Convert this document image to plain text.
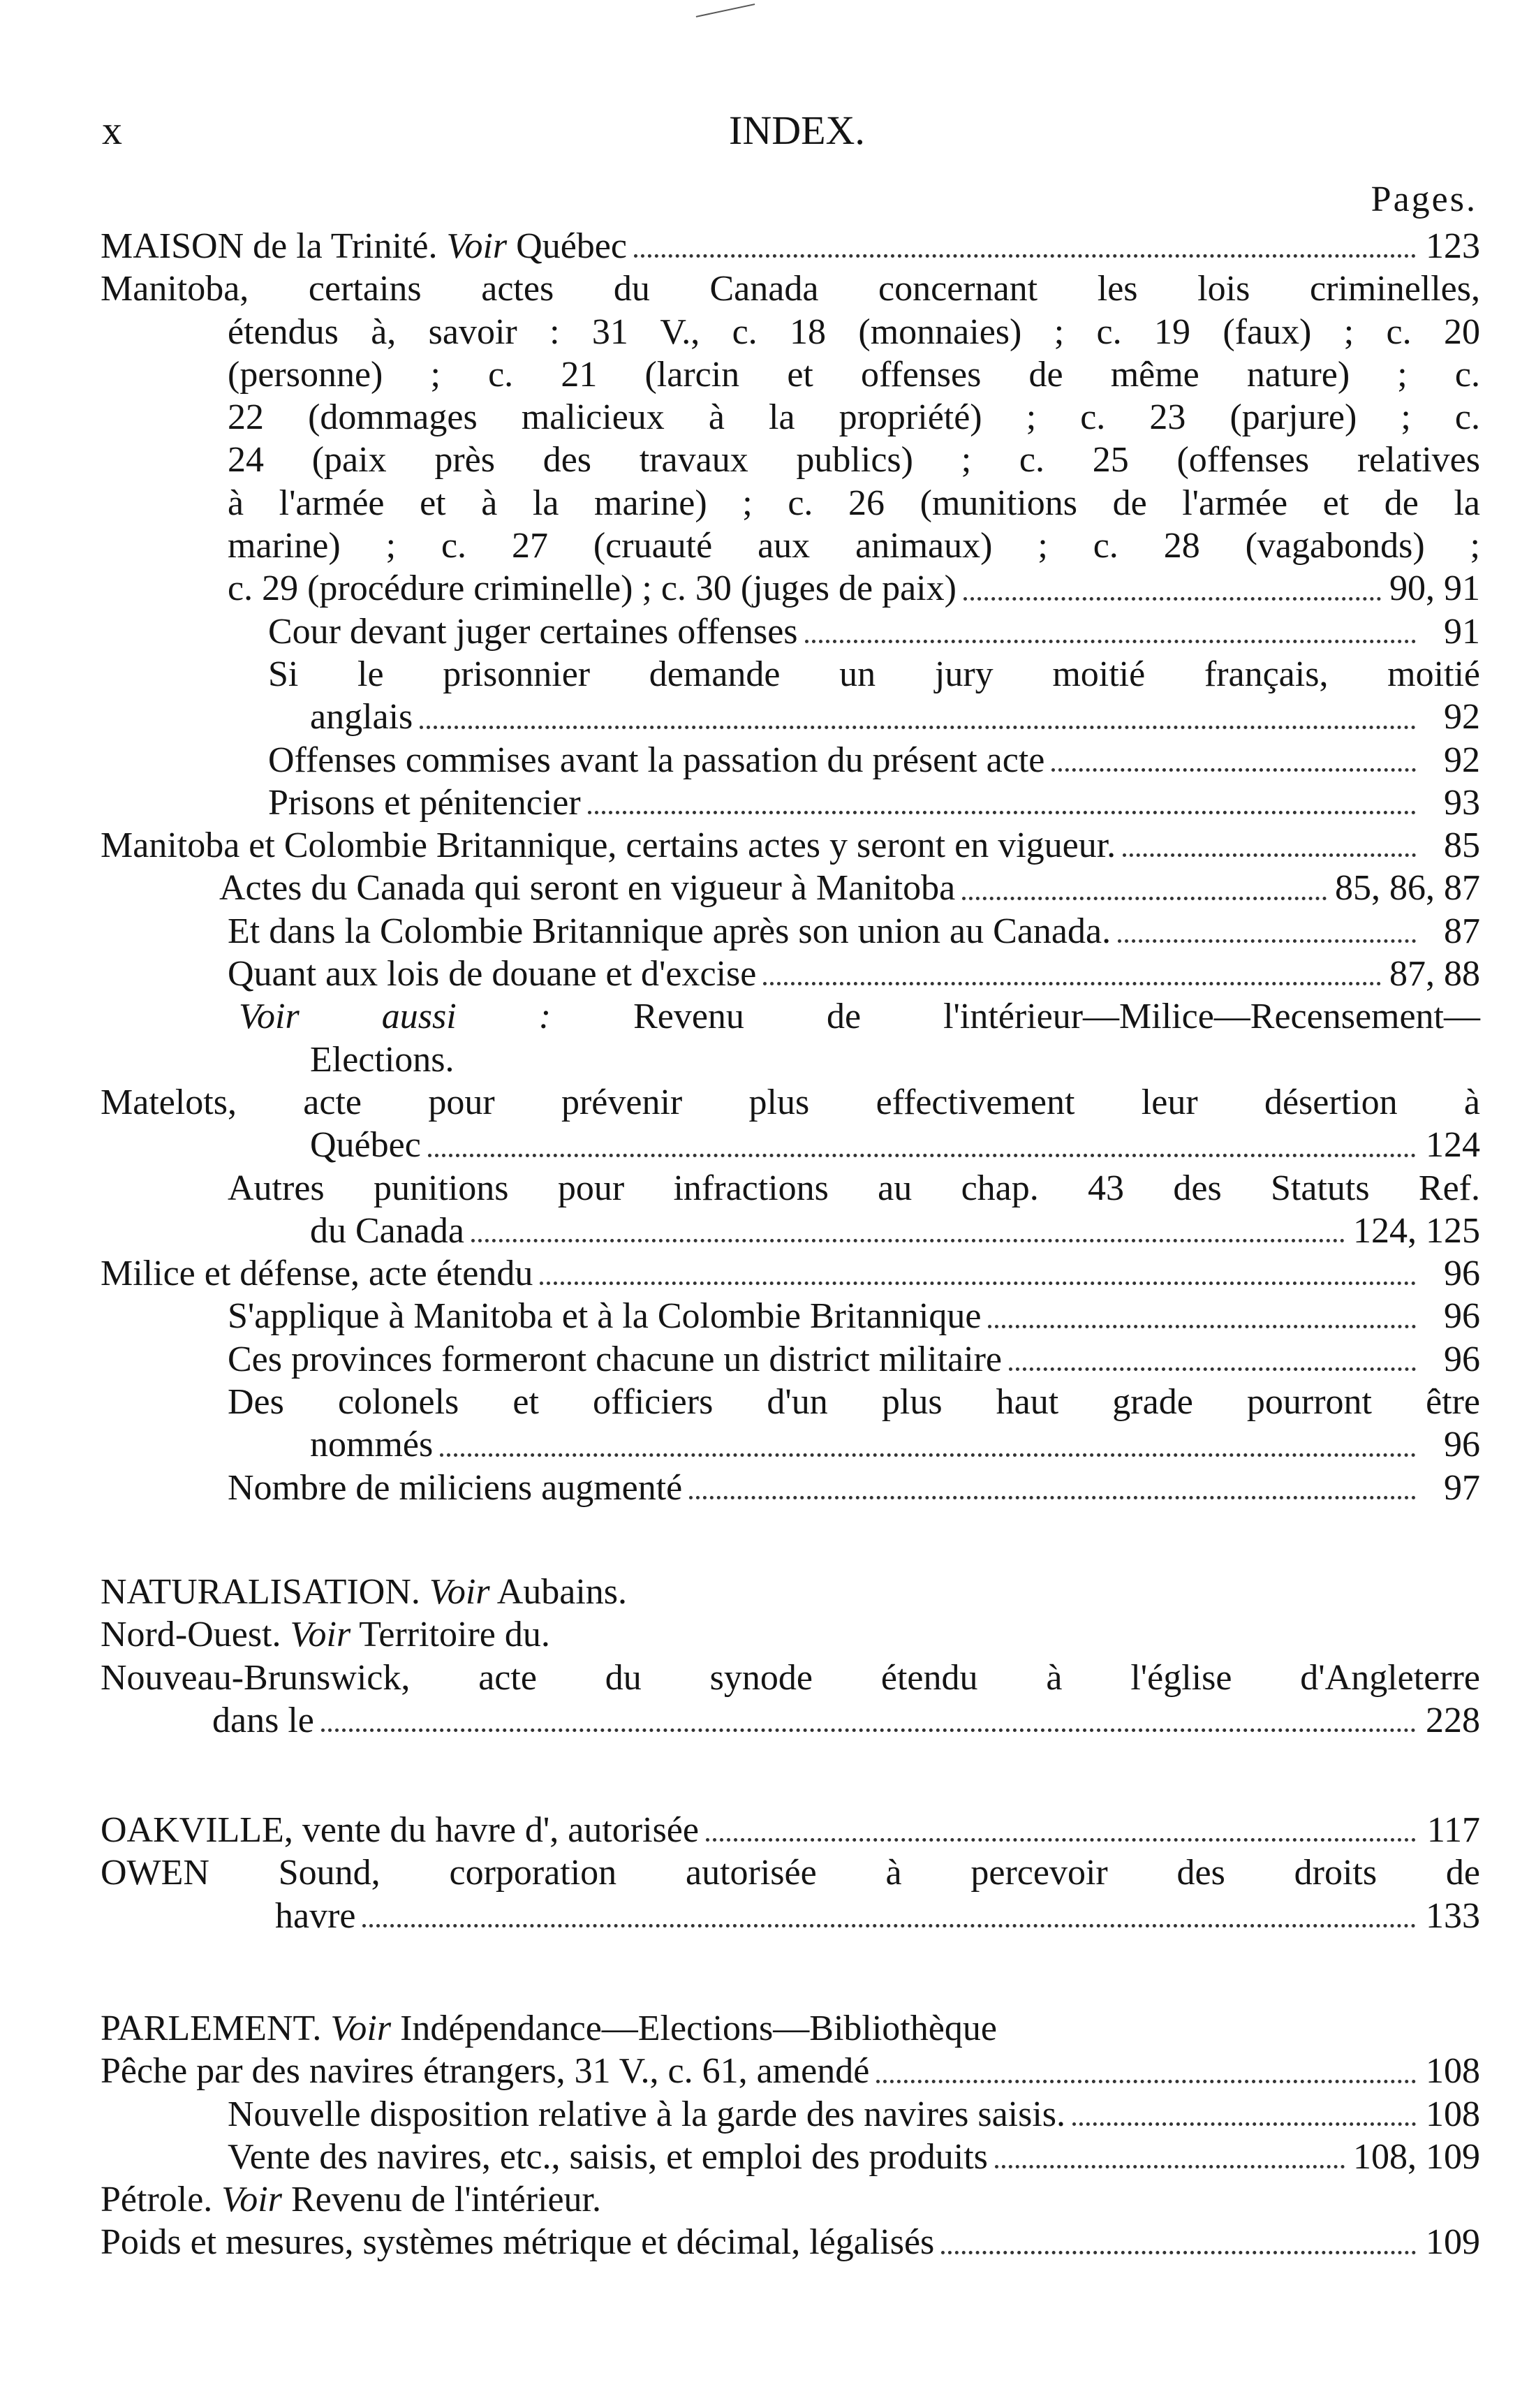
x	INDEX.
Pages.
MAISON de la Trinité. Voir Québec	123
Manitoba, certains actes du Canada concernant les lois criminelles,
étendus à, savoir : 31 V., c. 18 (monnaies) ; c. 19 (faux) ; c. 20
(personne) ; c. 21 (larcin et offenses de même nature) ; c.
22 (dommages malicieux à la propriété) ; c. 23 (parjure) ; c.
24 (paix près des travaux publics) ; c. 25 (offenses relatives
à l'armée et à la marine) ; c. 26 (munitions de l'armée et de la
marine) ; c. 27 (cruauté aux animaux) ; c. 28 (vagabonds) ;
c. 29 (procédure criminelle) ; c. 30 (juges de paix)	90, 91
Cour devant juger certaines offenses	91
Si le prisonnier demande un jury moitié français, moitié
anglais	92
Offenses commises avant la passation du présent acte	92
Prisons et pénitencier	93
Manitoba et Colombie Britannique, certains actes y seront en vigueur.	85
Actes du Canada qui seront en vigueur à Manitoba	85, 86, 87
Et dans la Colombie Britannique après son union au Canada.	87
Quant aux lois de douane et d'excise	87, 88
Voir aussi : Revenu de l'intérieur—Milice—Recensement—
Elections.
Matelots, acte pour prévenir plus effectivement leur désertion à
Québec	124
Autres punitions pour infractions au chap. 43 des Statuts Ref.
du Canada	124, 125
Milice et défense, acte étendu	96
S'applique à Manitoba et à la Colombie Britannique	96
Ces provinces formeront chacune un district militaire	96
Des colonels et officiers d'un plus haut grade pourront être
nommés	96
Nombre de miliciens augmenté	97
NATURALISATION. Voir Aubains.
Nord-Ouest. Voir Territoire du.
Nouveau-Brunswick, acte du synode étendu à l'église d'Angleterre
dans le	228
OAKVILLE, vente du havre d', autorisée	117
OWEN Sound, corporation autorisée à percevoir des droits de
havre	133
PARLEMENT. Voir Indépendance—Elections—Bibliothèque
Pêche par des navires étrangers, 31 V., c. 61, amendé	108
Nouvelle disposition relative à la garde des navires saisis.	108
Vente des navires, etc., saisis, et emploi des produits	108, 109
Pétrole. Voir Revenu de l'intérieur.
Poids et mesures, systèmes métrique et décimal, légalisés	109
